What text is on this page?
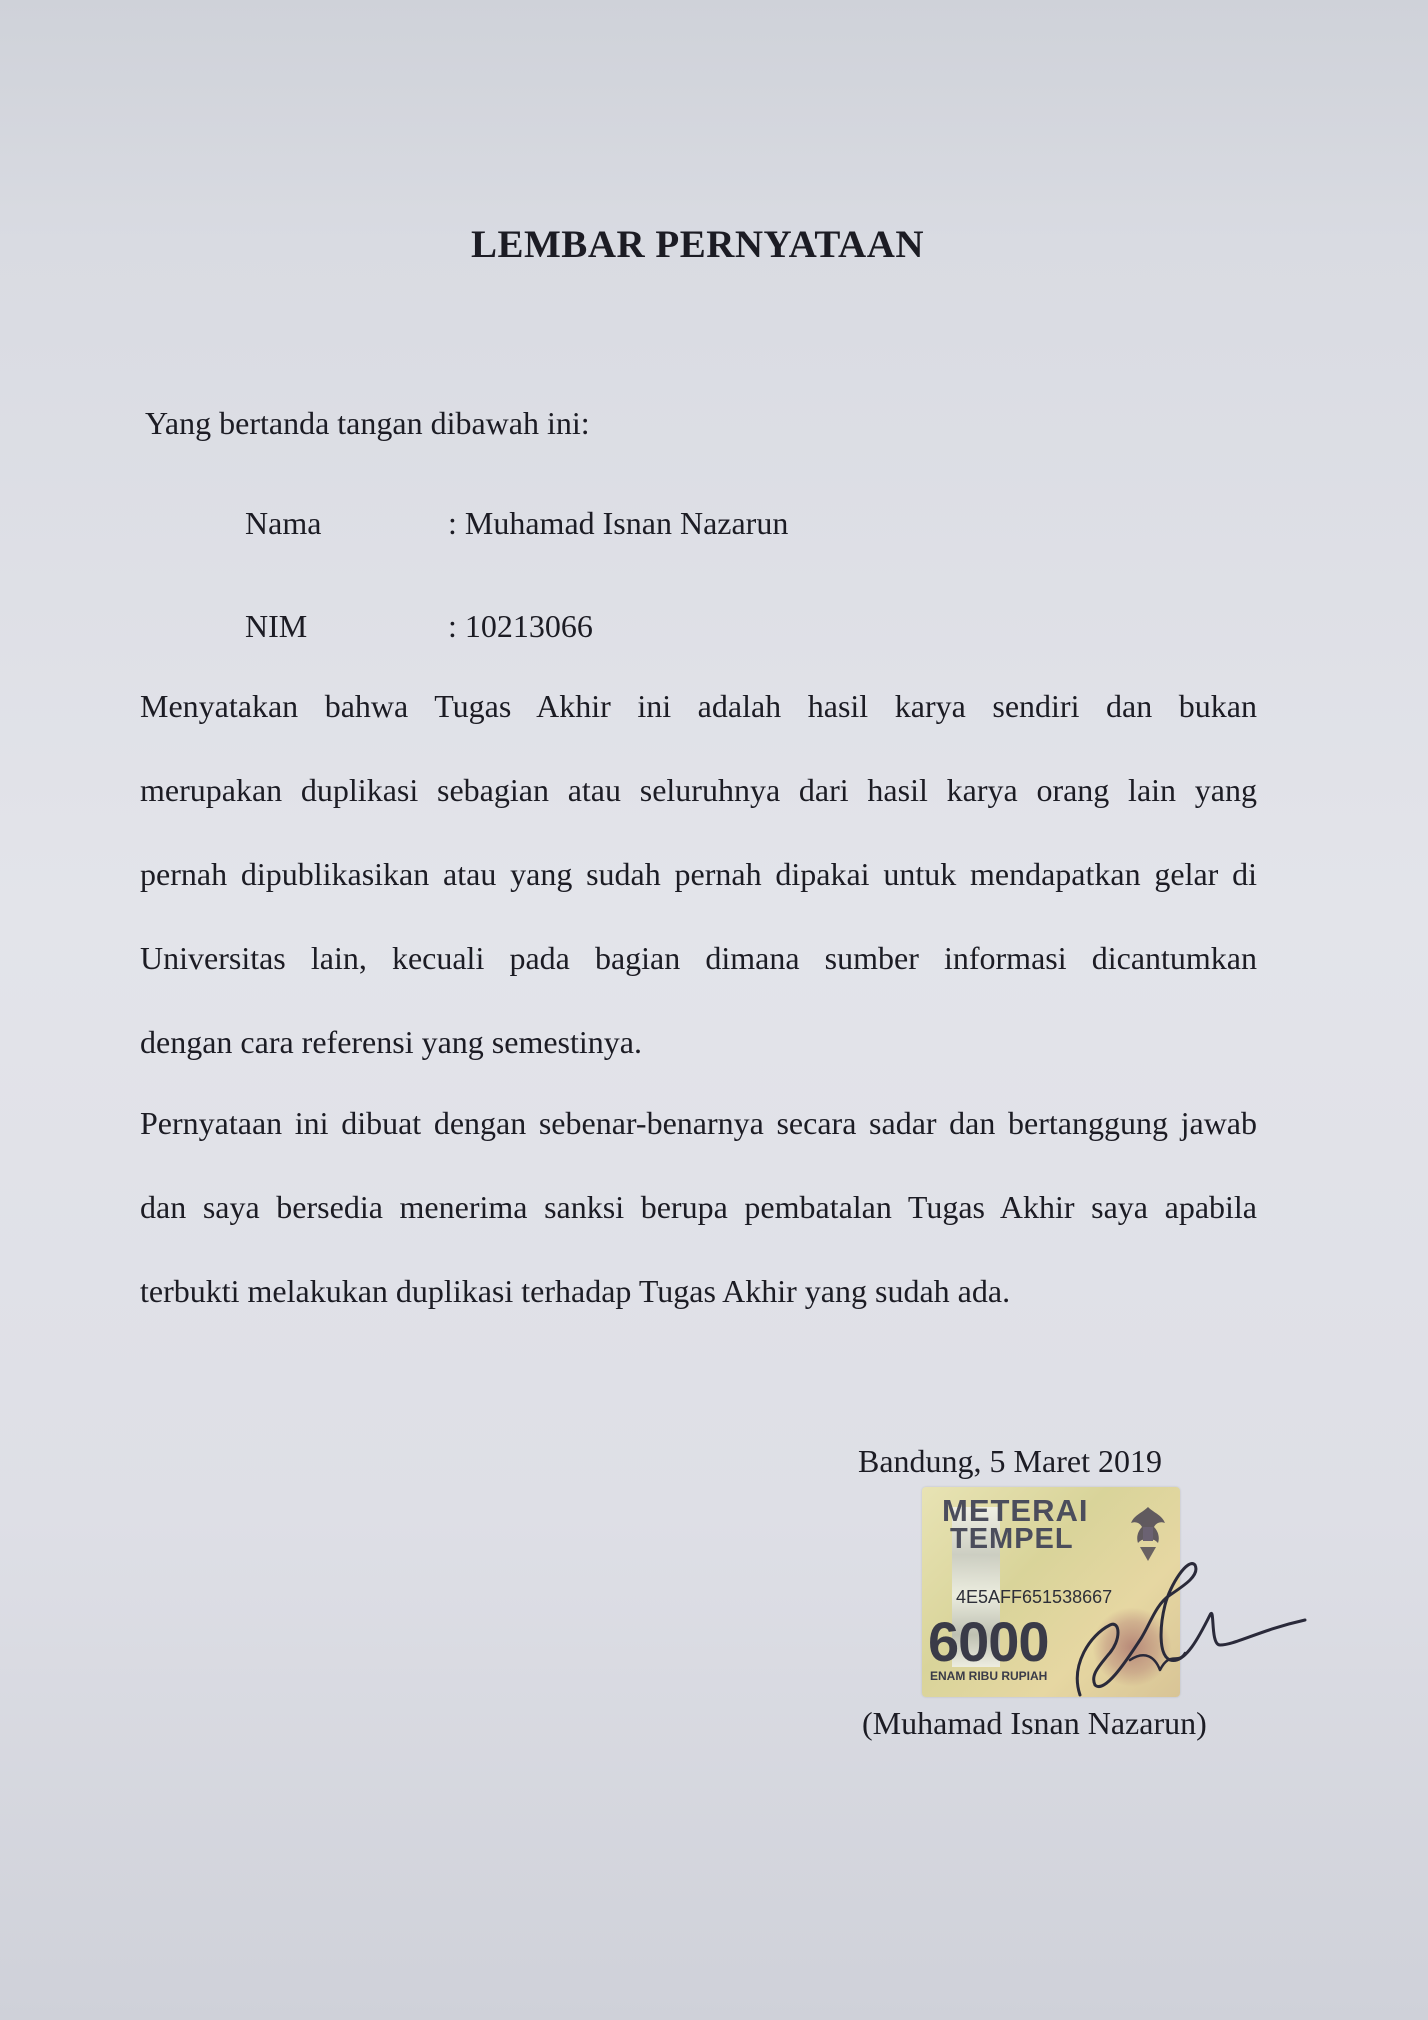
LEMBAR PERNYATAAN
Yang bertanda tangan dibawah ini:
Nama	: Muhamad Isnan Nazarun
NIM	: 10213066
Menyatakan bahwa Tugas Akhir ini adalah hasil karya sendiri dan bukan
merupakan duplikasi sebagian atau seluruhnya dari hasil karya orang lain yang
pernah dipublikasikan atau yang sudah pernah dipakai untuk mendapatkan gelar di
Universitas lain, kecuali pada bagian dimana sumber informasi dicantumkan
dengan cara referensi yang semestinya.
Pernyataan ini dibuat dengan sebenar-benarnya secara sadar dan bertanggung jawab
dan saya bersedia menerima sanksi berupa pembatalan Tugas Akhir saya apabila
terbukti melakukan duplikasi terhadap Tugas Akhir yang sudah ada.
Bandung, 5 Maret 2019
METERAI
TEMPEL
4E5AFF651538667
6000
ENAM RIBU RUPIAH
(Muhamad Isnan Nazarun)
